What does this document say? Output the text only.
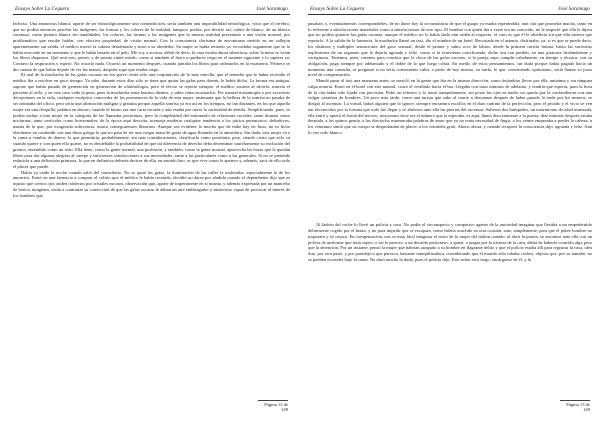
Ensayo Sobre La Ceguera	José Saramago

lechoso. Una amaurosis blanca, aparte de ser etimológicamente una contradicción, sería también una imposibilidad neurológica, visto que el cerebro, que no podría entonces percibir las imágenes, las formas y los colores de la realidad, tampoco podría, por decirlo así, cubrir de blanco, de un blanco continuo, como pintura blanca sin tonalidades, los colores, las formas y las imágenes que la misma realidad presentase a una visión normal, por problemático que resulte hablar, con efectiva propiedad, de visión normal. Con la consciencia clarísima de encontrarse metido en un callejón aparentemente sin salida, el médico movió la cabeza desalentado y miró a su alrededor. Su mujer se había retirado ya, recordaba vagamente que se lo había acercado en un momento y que le había besado en el pelo, Me voy a acostar, debió de decir, la casa estaba ahora silenciosa, sobre la mesa se veían los libros dispersos. Qué será esto, pensó, y de pronto sintió miedo, como si también él fuera a quedarse ciego en el instante siguiente y lo supiera ya. Contuvo la respiración y esperó. No ocurrió nada. Ocurrió un momento después, cuando juntaba los libros para ordenarlos en la estantería. Primero se dio cuenta de que había dejado de ver las manos, después supo que estaba ciego.

El mal de la muchacha de las gafas oscuras no era grave, tenía sólo una conjuntivitis de lo más sencilla, que el remedio que le había recetado el médico iba a resolver en poco tiempo. Ya sabe, durante estos días sólo se tiene que quitar las gafas para dormir, le había dicho. La broma era antigua, supone que había pasado de generación en generación de oftalmólogos, pero el efecto se repetía siempre, el médico sonreía al decirla, sonreía el paciente al oírla, y en este caso valía la pena, pues la muchacha tenía bonitos dientes, y sabía cómo mostrarlos. Por natural misantropía o por excesivas decepciones en la vida, cualquier escéptico conocedor de los pormenores de la vida de esta mujer, insinuaría que la belleza de la sonrisa no pasaba de ser artimaña del oficio, pero sería una afirmación maligna y gratuita porque aquella sonrisa ya era así en los tiempos, no tan distantes, en los que aquella mujer era una chiquilla, palabra en desuso, cuando el futuro era una carta cerrada y aún estaba por nacer la curiosidad de abrirla. Simplificando, pues, se podría incluir a esta mujer en la categoría de las llamadas prostitutas, pero la complejidad del entramado de relaciones sociales, tanto diurnas como nocturnas, tanto verticales como horizontales, de la época aquí descrita, aconseja moderar cualquier tendencia a los juicios perentorios, definitivos, manía de la que, por exagerada suficiencia, nunca conseguiremos librarnos. Aunque sea evidente lo mucho que de nube hay en Juno, no es lícito obstinarse en confundir con una diosa griega lo que no pasa de ser una vulgar masa de gotas de agua flotando en la atmósfera. Sin duda, esta mujer va a la cama a cambio de dinero, lo que permitiría, probablemente, sin más consideraciones, clasificarla como prostituta, pero, siendo cierto que sólo va cuando quiere y con quien ella quiere, no es desdeñable la probabilidad de que tal diferencia de derecho deba determinar cautelarmente su exclusión del gremio, entendido como un todo. Ella tiene, como la gente normal, una profesión, y también, como la gente normal, aprovecha las horas que le quedan libres para dar algunas alegrías al cuerpo y suficientes satisfacciones a sus necesidades, tanto a las particulares como a las generales. Si no se pretende reducirla a una definición primaria, lo que en definitiva debería decirse de ella, en sentido lato, es que vive como le apetece y, además, saca de ello todo el placer que puede.

Había ya caído la noche cuando salió del consultorio. No se quitó las gafas, la iluminación de las calles la molestaba, especialmente la de los anuncios. Entró en una farmacia a comprar el colirio que el médico le había recetado, decidió no darse por aludida cuando el dependiente dijo que es injusto que ciertos ojos anden cubiertos por cristales oscuros, observación que, aparte de impertinente en sí misma, y además expresada por un mancebo de botica, imaginen, venía a contrariar su convicción de que las gafas oscuras le daban un aire embriagador y misterioso capaz de provocar el interés de los hombres que

Página 12 de 149
Ensayo Sobre La Ceguera	José Saramago

pasaban, y, eventualmente, corresponderles, de no darse hoy la circunstancia de que el guapo ya estaba esperándola, una cita que prometía mucho, tanto en lo referente a satisfacciones materiales como a satisfacciones de otro tipo. El hombre con quien iba a verse era un conocido, no le importó que ella le dijera que no podría quitarse las gafas oscuras, aunque el médico no lo había dado aún orden al respecto, el caso es que él le obedecía sin que ella tuviera que repetirlo. A la salida de la farmacia, la muchacha llamó un taxi, dio el nombre de un hotel. Recostada en el asiento, disfrutaba, ya, si es que se puede decir, los distintos y múltiples sensaciones del goce sensual, desde el primer y sabio roce de labios, desde la primera caricia íntima, hasta las sucesivas explosiones de un orgasmo que la dejaría agotada y feliz, como si la estuvieran crucificando, dicho sea con perdón, en una giratoria deslumbrante y vertiginosa. Tenemos, pues, razones para concluir que la chica de las gafas oscuras, si la pareja supo cumplir cabalmente, en tiempo y técnica, con su obligación, paga siempre por adelantado y el doble de lo que luego cobra. En medio de estos pensamientos, sin duda porque había pagado hacía un momento una consulta, se preguntó si no sería conveniente subir, a partir de hoy mismo, su tarifa, lo que, conviniendo optimismo, sería llamar su justo nivel de compensación.

Mandó parar el taxi una manzana antes, se mezcló en la gente que iba en la misma dirección, como dejándose llevar por ella, anónima y sin ninguna culpa notoria. Entró en el hotel con aire natural, cruzó el vestíbulo hacia el bar. Llegaba con unos minutos de adelanto, y tendría que esperar, pues la hora de la cita había sido fijada con precisión. Pidió un refresco y lo tomó tranquilamente, sin posar los ojos en nadie, no quería que la confundieran con una vulgar cazadora de hombres. Un poco más tarde, como una turista que sube al cuarto a descansar después de haber pasado la tarde por los museos, se dirigió al ascensor. La virtud, habrá alguien que lo ignore, siempre encuentra escollos en el duro camino de la perfección, pero el pecado y el vicio se ven tan favorecidos por la fortuna que todo fue llegar y se abrieron ante ella las puertas del ascensor. Salieron dos huéspedes, un matrimonio de edad avanzada, ella entró y apretó el botón del tercero, trescientos doce era el número que la esperaba, es aquí, llamó discretamente a la puerta, diez minutos después estaba desnuda, a los quince gemía, a los dieciocho murmuraba palabras de amor que ya no tenía necesidad de fingir, a los veinte empezaba a perder la cabeza, a los veintiuno sintió que su cuerpo se despedazaba de placer, a los veintidós gritó, Ahora, ahora, y cuando recuperó la consciencia dijo, agotada y feliz, Aún lo veo todo blanco.

Al ladrón del coche lo llevó un policía a casa. No podía el circunspecto y compasivo agente de la autoridad imaginar que llevaba a un empedernido delincuente cogido por el brazo, y no para impedir que se escapara, como habría ocurrido en otra ocasión, sino, simplemente, para que el pobre hombre no tropezara y se cayera. En compensación, nos es muy fácil imaginar el susto de la mujer del ladrón cuando, al abrir la puerta, se encontró ante ella con un policía de uniforme que traía sujeto, o así le pareció, a un decaído prisionero, a quien, a juzgar por la tristeza de la cara, debía de haberle ocurrido algo peor que la detención. Por un instante, pensó la mujer que habrían atrapado a su hombre en flagrante delito y que el policía estaba allí para registrar la casa, idea ésta, por otra parte, y por paradójico que parezca, bastante tranquilizadora, considerando que el marido sólo robaba coches, objetos que, por su tamaño, no se pueden esconder bajo la cama. No duró mucho la duda, pues el policía dijo, Este señor está ciego, encárguese de él, y la

Página 13 de 149
